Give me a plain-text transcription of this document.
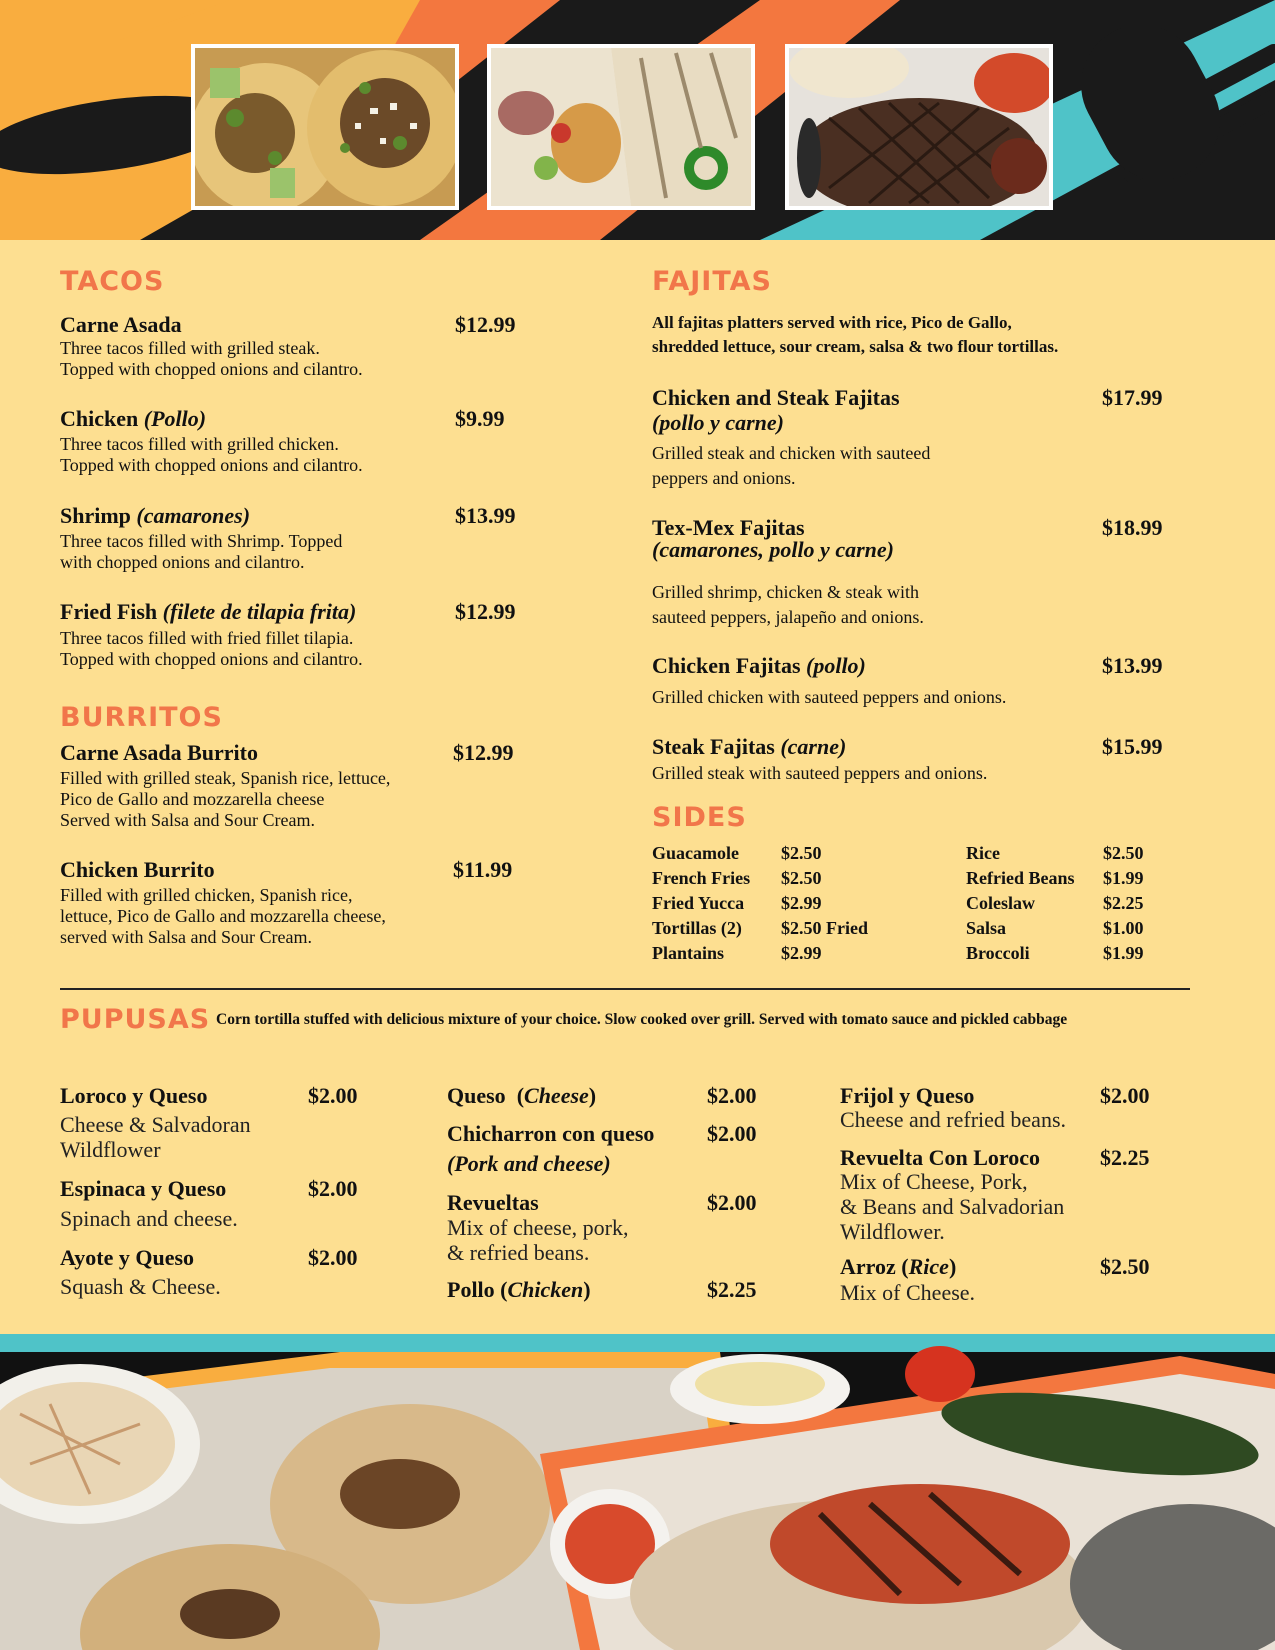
TACOS
Carne Asada	$12.99
Three tacos filled with grilled steak.
Topped with chopped onions and cilantro.
Chicken (Pollo)	$9.99
Three tacos filled with grilled chicken.
Topped with chopped onions and cilantro.
Shrimp (camarones)	$13.99
Three tacos filled with Shrimp. Topped
with chopped onions and cilantro.
Fried Fish (filete de tilapia frita)	$12.99
Three tacos filled with fried fillet tilapia.
Topped with chopped onions and cilantro.
BURRITOS
Carne Asada Burrito	$12.99
Filled with grilled steak, Spanish rice, lettuce,
Pico de Gallo and mozzarella cheese
Served with Salsa and Sour Cream.
Chicken Burrito	$11.99
Filled with grilled chicken, Spanish rice,
lettuce, Pico de Gallo and mozzarella cheese,
served with Salsa and Sour Cream.
FAJITAS
All fajitas platters served with rice, Pico de Gallo,
shredded lettuce, sour cream, salsa & two flour tortillas.
Chicken and Steak Fajitas
(pollo y carne)
$17.99
Grilled steak and chicken with sauteed
peppers and onions.
Tex-Mex Fajitas
(camarones, pollo y carne)
$18.99
Grilled shrimp, chicken & steak with
sauteed peppers, jalapeño and onions.
Chicken Fajitas (pollo)	$13.99
Grilled chicken with sauteed peppers and onions.
Steak Fajitas (carne)	$15.99
Grilled steak with sauteed peppers and onions.
SIDES
Guacamole $2.50
French Fries $2.50
Fried Yucca $2.99
Tortillas (2) $2.50 Fried
Plantains	$2.99
Rice	$2.50
Refried Beans $1.99
Coleslaw	$2.25
Salsa	$1.00
Broccoli	$1.99
PUPUSAS Corn tortilla stuffed with delicious mixture of your choice. Slow cooked over grill. Served with tomato sauce and pickled cabbage
Loroco y Queso	$2.00
Cheese & Salvadoran
Wildflower
Espinaca y Queso	$2.00
Spinach and cheese.
Ayote y Queso	$2.00
Squash & Cheese.
Queso  (Cheese)	$2.00
Chicharron con queso
(Pork and cheese)
$2.00
Revueltas	$2.00
Mix of cheese, pork,
& refried beans.
Pollo (Chicken)	$2.25
Frijol y Queso	$2.00
Cheese and refried beans.
Revuelta Con Loroco	$2.25
Mix of Cheese, Pork,
& Beans and Salvadorian
Wildflower.
Arroz (Rice)	$2.50
Mix of Cheese.
